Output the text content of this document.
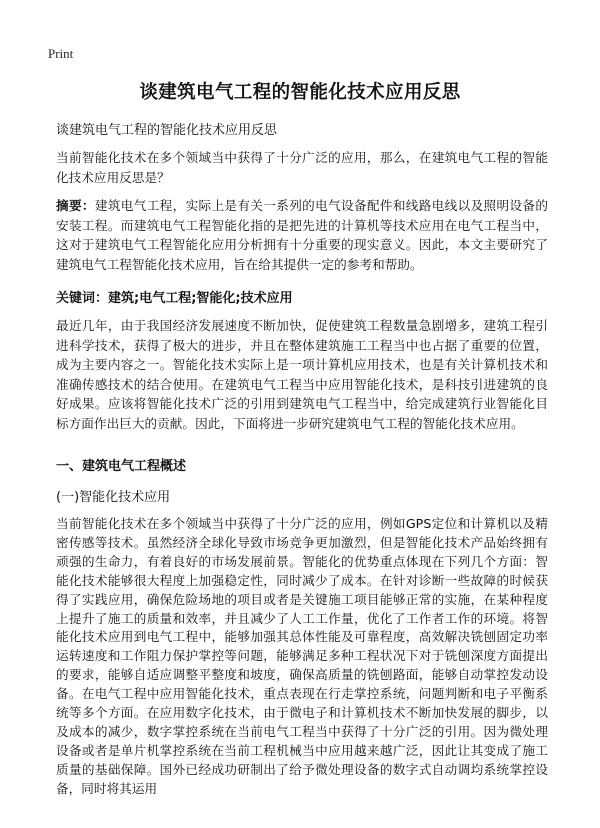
Print
谈建筑电气工程的智能化技术应用反思
谈建筑电气工程的智能化技术应用反思
当前智能化技术在多个领域当中获得了十分广泛的应用，那么，在建筑电气工程的智能化技术应用反思是？
摘要：建筑电气工程，实际上是有关一系列的电气设备配件和线路电线以及照明设备的安装工程。而建筑电气工程智能化指的是把先进的计算机等技术应用在电气工程当中，这对于建筑电气工程智能化应用分析拥有十分重要的现实意义。因此，本文主要研究了建筑电气工程智能化技术应用，旨在给其提供一定的参考和帮助。
关键词：建筑;电气工程;智能化;技术应用
最近几年，由于我国经济发展速度不断加快，促使建筑工程数量急剧增多，建筑工程引进科学技术，获得了极大的进步，并且在整体建筑施工工程当中也占据了重要的位置，成为主要内容之一。智能化技术实际上是一项计算机应用技术，也是有关计算机技术和准确传感技术的结合使用。在建筑电气工程当中应用智能化技术，是科技引进建筑的良好成果。应该将智能化技术广泛的引用到建筑电气工程当中，给完成建筑行业智能化目标方面作出巨大的贡献。因此，下面将进一步研究建筑电气工程的智能化技术应用。
一、建筑电气工程概述
(一)智能化技术应用
当前智能化技术在多个领域当中获得了十分广泛的应用，例如GPS定位和计算机以及精密传感等技术。虽然经济全球化导致市场竞争更加激烈，但是智能化技术产品始终拥有顽强的生命力，有着良好的市场发展前景。智能化的优势重点体现在下列几个方面：智能化技术能够很大程度上加强稳定性，同时减少了成本。在针对诊断一些故障的时候获得了实践应用，确保危险场地的项目或者是关键施工项目能够正常的实施，在某种程度上提升了施工的质量和效率，并且减少了人工工作量，优化了工作者工作的环境。将智能化技术应用到电气工程中，能够加强其总体性能及可靠程度，高效解决铣刨固定功率运转速度和工作阻力保护掌控等问题，能够满足多种工程状况下对于铣刨深度方面提出的要求，能够自适应调整平整度和坡度，确保高质量的铣刨路面，能够自动掌控发动设备。在电气工程中应用智能化技术，重点表现在行走掌控系统，问题判断和电子平衡系统等多个方面。在应用数字化技术，由于微电子和计算机技术不断加快发展的脚步，以及成本的减少，数字掌控系统在当前电气工程当中获得了十分广泛的引用。因为微处理设备或者是单片机掌控系统在当前工程机械当中应用越来越广泛，因此让其变成了施工质量的基础保障。国外已经成功研制出了给予微处理设备的数字式自动调均系统掌控设备，同时将其运用
